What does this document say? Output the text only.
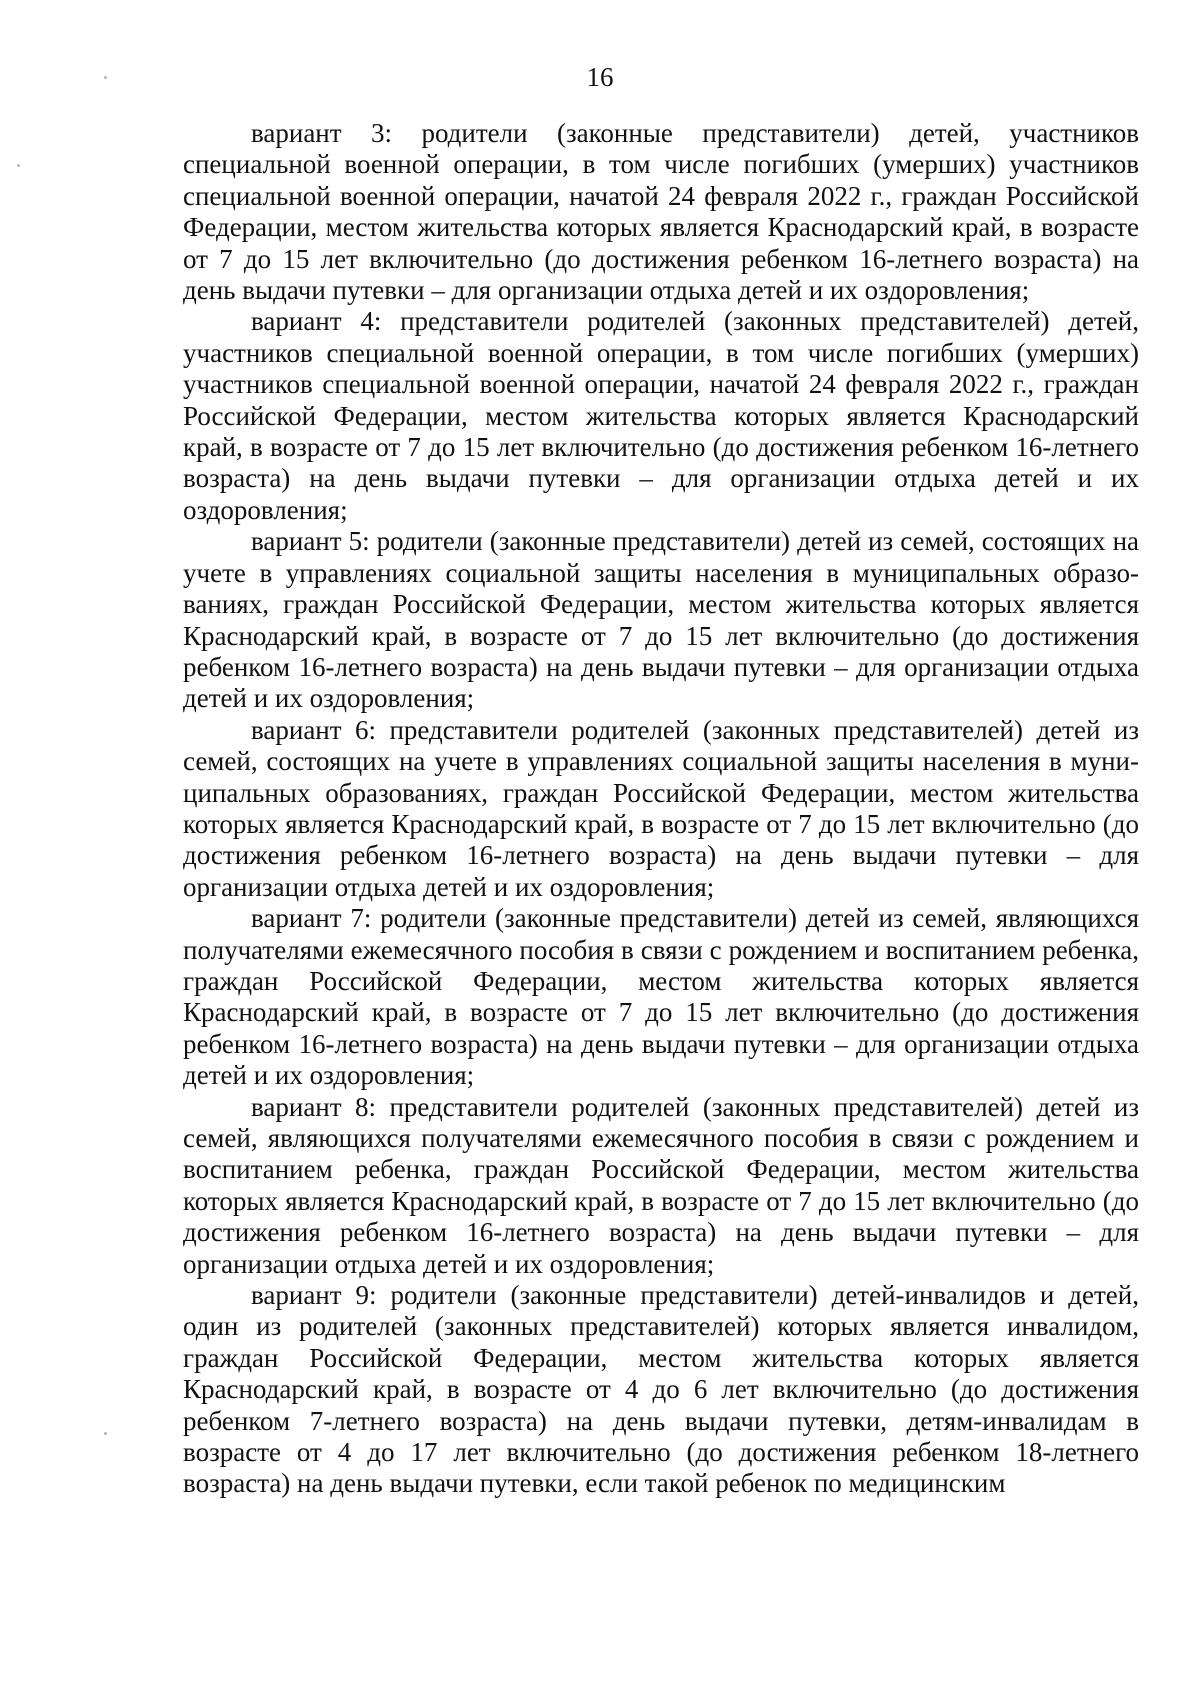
16

вариант 3: родители (законные представители) детей, участников специальной военной операции, в том числе погибших (умерших) участников специальной военной операции, начатой 24 февраля 2022 г., граждан Российской Федерации, местом жительства которых является Краснодарский край, в возрасте от 7 до 15 лет включительно (до достижения ребенком 16-летнего возраста) на день выдачи путевки – для организации отдыха детей и их оздоровления;

вариант 4: представители родителей (законных представителей) детей, участников специальной военной операции, в том числе погибших (умерших) участников специальной военной операции, начатой 24 февраля 2022 г., граждан Российской Федерации, местом жительства которых является Краснодарский край, в возрасте от 7 до 15 лет включительно (до достижения ребенком 16-летнего возраста) на день выдачи путевки – для организации отдыха детей и их оздоровления;

вариант 5: родители (законные представители) детей из семей, состоящих на учете в управлениях социальной защиты населения в муниципальных образованиях, граждан Российской Федерации, местом жительства которых является Краснодарский край, в возрасте от 7 до 15 лет включительно (до достижения ребенком 16-летнего возраста) на день выдачи путевки – для организации отдыха детей и их оздоровления;

вариант 6: представители родителей (законных представителей) детей из семей, состоящих на учете в управлениях социальной защиты населения в муниципальных образованиях, граждан Российской Федерации, местом жительства которых является Краснодарский край, в возрасте от 7 до 15 лет включительно (до достижения ребенком 16-летнего возраста) на день выдачи путевки – для организации отдыха детей и их оздоровления;

вариант 7: родители (законные представители) детей из семей, являющихся получателями ежемесячного пособия в связи с рождением и воспитанием ребенка, граждан Российской Федерации, местом жительства которых является Краснодарский край, в возрасте от 7 до 15 лет включительно (до достижения ребенком 16-летнего возраста) на день выдачи путевки – для организации отдыха детей и их оздоровления;

вариант 8: представители родителей (законных представителей) детей из семей, являющихся получателями ежемесячного пособия в связи с рождением и воспитанием ребенка, граждан Российской Федерации, местом жительства которых является Краснодарский край, в возрасте от 7 до 15 лет включительно (до достижения ребенком 16-летнего возраста) на день выдачи путевки – для организации отдыха детей и их оздоровления;

вариант 9: родители (законные представители) детей-инвалидов и детей, один из родителей (законных представителей) которых является инвалидом, граждан Российской Федерации, местом жительства которых является Краснодарский край, в возрасте от 4 до 6 лет включительно (до достижения ребенком 7-летнего возраста) на день выдачи путевки, детям-инвалидам в возрасте от 4 до 17 лет включительно (до достижения ребенком 18-летнего возраста) на день выдачи путевки, если такой ребенок по медицинским
